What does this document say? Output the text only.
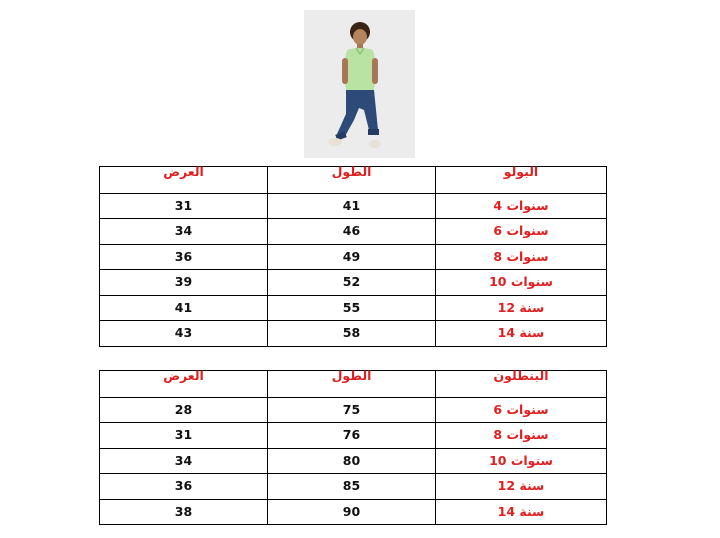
العرض	الطول	البولو
31	41	4 سنوات
34	46	6 سنوات
36	49	8 سنوات
39	52	10 سنوات
41	55	12 سنة
43	58	14 سنة
العرض	الطول	البنطلون
28	75	6 سنوات
31	76	8 سنوات
34	80	10 سنوات
36	85	12 سنة
38	90	14 سنة
